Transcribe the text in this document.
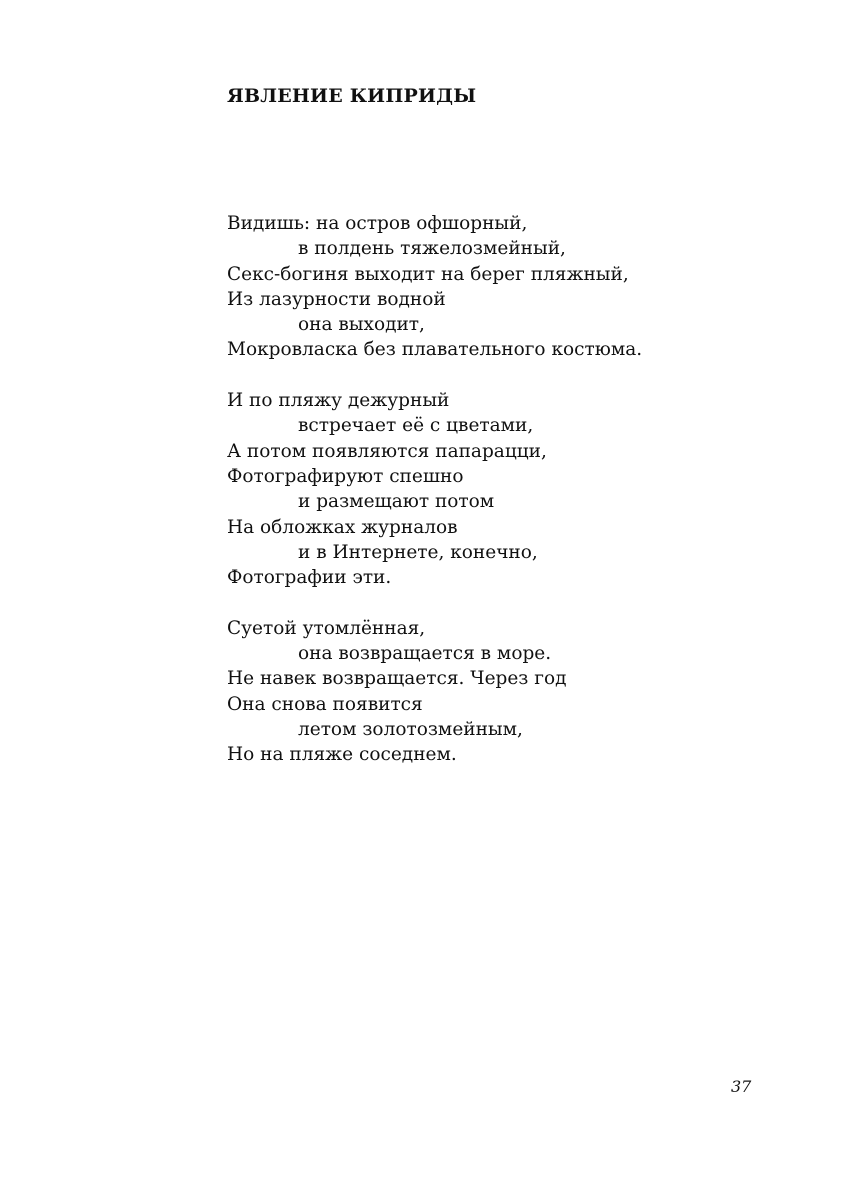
ЯВЛЕНИЕ КИПРИДЫ
Видишь: на остров офшорный,
в полдень тяжелозмейный,
Секс-богиня выходит на берег пляжный,
Из лазурности водной
она выходит,
Мокровласка без плавательного костюма.
И по пляжу дежурный
встречает её с цветами,
А потом появляются папарацци,
Фотографируют спешно
и размещают потом
На обложках журналов
и в Интернете, конечно,
Фотографии эти.
Суетой утомлённая,
она возвращается в море.
Не навек возвращается. Через год
Она снова появится
летом золотозмейным,
Но на пляже соседнем.
37
